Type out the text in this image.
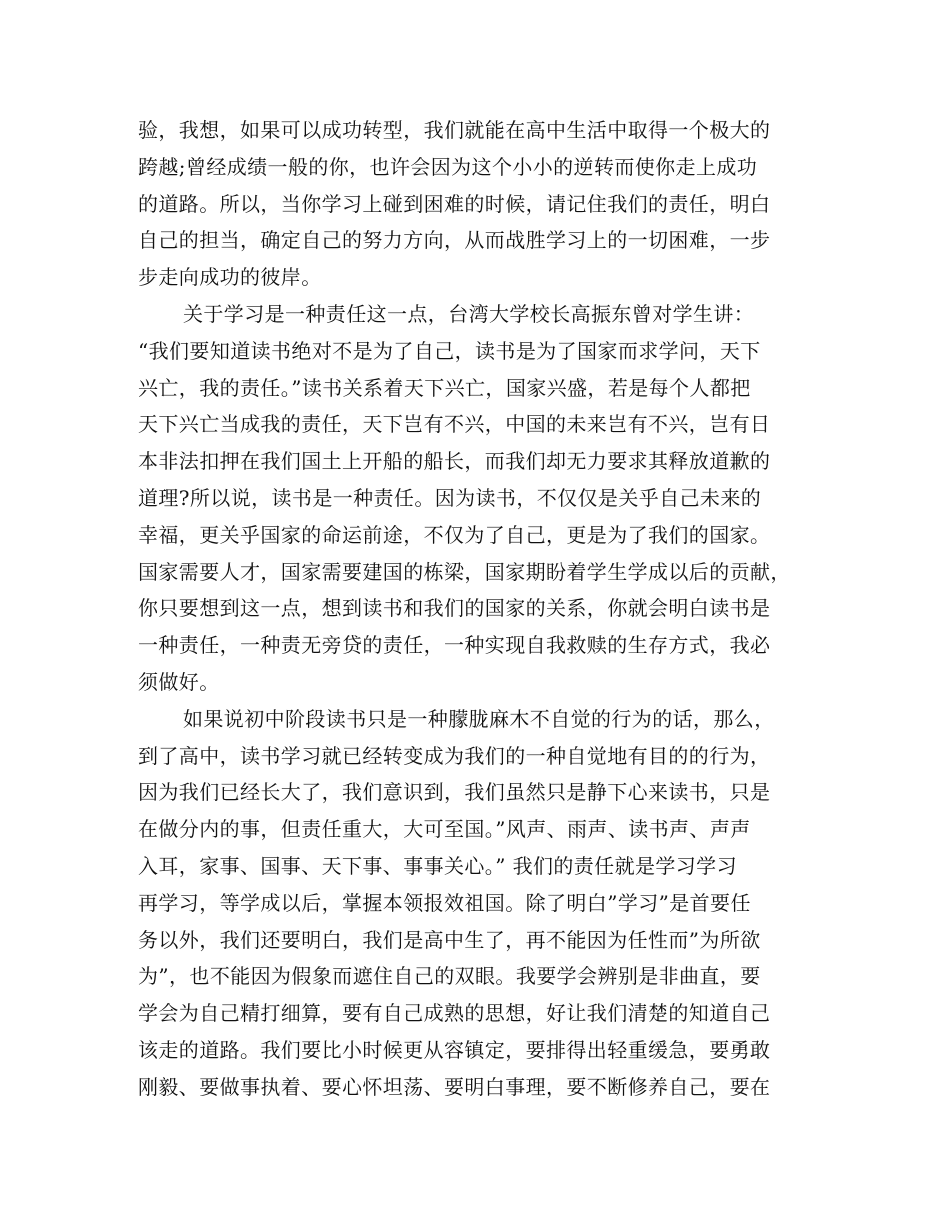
验，我想，如果可以成功转型，我们就能在高中生活中取得一个极大的
跨越;曾经成绩一般的你，也许会因为这个小小的逆转而使你走上成功
的道路。所以，当你学习上碰到困难的时候，请记住我们的责任，明白
自己的担当，确定自己的努力方向，从而战胜学习上的一切困难，一步
步走向成功的彼岸。
关于学习是一种责任这一点，台湾大学校长高振东曾对学生讲：
“我们要知道读书绝对不是为了自己，读书是为了国家而求学问，天下
兴亡，我的责任。”读书关系着天下兴亡，国家兴盛，若是每个人都把
天下兴亡当成我的责任，天下岂有不兴，中国的未来岂有不兴，岂有日
本非法扣押在我们国土上开船的船长，而我们却无力要求其释放道歉的
道理?所以说，读书是一种责任。因为读书，不仅仅是关乎自己未来的
幸福，更关乎国家的命运前途，不仅为了自己，更是为了我们的国家。
国家需要人才，国家需要建国的栋梁，国家期盼着学生学成以后的贡献，
你只要想到这一点，想到读书和我们的国家的关系，你就会明白读书是
一种责任，一种责无旁贷的责任，一种实现自我救赎的生存方式，我必
须做好。
如果说初中阶段读书只是一种朦胧麻木不自觉的行为的话，那么，
到了高中，读书学习就已经转变成为我们的一种自觉地有目的的行为，
因为我们已经长大了，我们意识到，我们虽然只是静下心来读书，只是
在做分内的事，但责任重大，大可至国。”风声、雨声、读书声、声声
入耳，家事、国事、天下事、事事关心。” 我们的责任就是学习学习
再学习，等学成以后，掌握本领报效祖国。除了明白”学习”是首要任
务以外，我们还要明白，我们是高中生了，再不能因为任性而”为所欲
为”，也不能因为假象而遮住自己的双眼。我要学会辨别是非曲直，要
学会为自己精打细算，要有自己成熟的思想，好让我们清楚的知道自己
该走的道路。我们要比小时候更从容镇定，要排得出轻重缓急，要勇敢
刚毅、要做事执着、要心怀坦荡、要明白事理，要不断修养自己，要在
